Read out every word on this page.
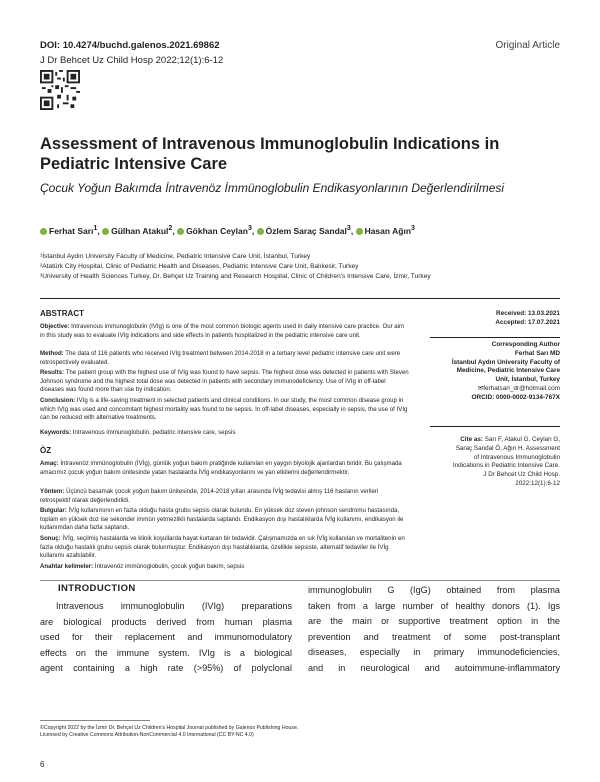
DOI: 10.4274/buchd.galenos.2021.69862
J Dr Behcet Uz Child Hosp 2022;12(1):6-12
Original Article
Assessment of Intravenous Immunoglobulin Indications in Pediatric Intensive Care
Çocuk Yoğun Bakımda İntravenöz İmmünoglobulin Endikasyonlarının Değerlendirilmesi
Ferhat Sarı$^1$, Gülhan Atakul$^2$, Gökhan Ceylan$^3$, Özlem Saraç Sandal$^3$, Hasan Ağın$^3$
¹İstanbul Aydın University Faculty of Medicine, Pediatric Intensive Care Unit, İstanbul, Turkey
²Atatürk City Hospital, Clinic of Pediatric Health and Diseases, Pediatric Intensive Care Unit, Balıkesir, Turkey
³University of Health Sciences Turkey, Dr. Behçet Uz Training and Research Hospital, Clinic of Children's Intensive Care, İzmir, Turkey
ABSTRACT
Objective: Intravenous immunoglobulin (IVIg) is one of the most common biologic agents used in daily intensive care practice. Our aim in this study was to evaluate IVIg indications and side effects in patients hospitalized in the pediatric intensive care unit.
Method: The data of 116 patients who received IVIg treatment between 2014-2018 in a tertiary level pediatric intensive care unit were retrospectively evaluated.
Results: The patient group with the highest use of IVIg was found to have sepsis. The highest dose was detected in patients with Steven Johnson syndrome and the highest total dose was detected in patients with secondary immunodeficiency. Use of IVIg in off-label diseases was found more than use by indication.
Conclusion: IVIg is a life-saving treatment in selected patients and clinical conditions. In our study, the most common disease group in which IVIg was used and concomitant highest mortality was found to be sepsis. In off-label diseases, especially in sepsis, the use of IVIg can be reduced with alternative treatments.
Keywords: Intravenous immunoglobulin, pediatric intensive care, sepsis
ÖZ
Amaç: İntravenöz immünoglobulin (İVİg), günlük yoğun bakım pratiğinde kullanılan en yaygın biyolojik ajanlardan biridir. Bu çalışmada amacımız çocuk yoğun bakım ünitesinde yatan hastalarda İVİg endikasyonlarını ve yan etkilerini değerlendirmektir.
Yöntem: Üçüncü basamak çocuk yoğun bakım ünitesinde, 2014-2018 yılları arasında İVİg tedavisi almış 116 hastanın verileri retrospektif olarak değerlendirildi.
Bulgular: İVİg kullanımının en fazla olduğu hasta grubu sepsis olarak bulundu. En yüksek doz steven johnson sendromu hastasında, toplam en yüksek doz ise sekonder immün yetmezlikli hastalarda saptandı. Endikasyon dışı hastalıklarda İVİg kullanımı, endikasyon ile kullanımdan daha fazla saptandı.
Sonuç: İVİg, seçilmiş hastalarda ve klinik koşullarda hayat kurtaran bir tedavidir. Çalışmamızda en sık İVİg kullanılan ve mortalitenin en fazla olduğu hastalık grubu sepsis olarak bulunmuştur. Endikasyon dışı hastalıklarda, özellikle sepsiste, alternatif tedaviler ile İVİg kullanımı azaltılabilir.
Anahtar kelimeler: İntravenöz immünoglobulin, çocuk yoğun bakım, sepsis
Received: 13.03.2021
Accepted: 17.07.2021
Corresponding Author
Ferhat Sarı MD
İstanbul Aydın University Faculty of
Medicine, Pediatric Intensive Care
Unit, İstanbul, Turkey
✉ferhatsari_dr@hotmail.com
ORCID: 0000-0002-9134-767X
Cite as: Sarı F, Atakul G, Ceylan G,
Saraç Sandal Ö, Ağın H. Assessment
of Intravenous Immunoglobulin
Indications in Pediatric Intensive Care.
J Dr Behcet Uz Child Hosp.
2022;12(1):6-12
INTRODUCTION
Intravenous immunoglobulin (IVIg) preparations
are biological products derived from human plasma
used for their replacement and immunomodulatory
effects on the immune system. IVIg is a biological
agent containing a high rate (>95%) of polyclonal
immunoglobulin G (IgG) obtained from plasma
taken from a large number of healthy donors (1). Igs
are the main or supportive treatment option in the
prevention and treatment of some post-transplant
diseases, especially in primary immunodeficiencies,
and in neurological and autoimmune-inflammatory
©Copyright 2022 by the İzmir Dr. Behçet Uz Children's Hospital Journal published by Galenos Publishing House.
Licensed by Creative Commons Attribution-NonCommercial 4.0 International (CC BY-NC 4.0)
6
